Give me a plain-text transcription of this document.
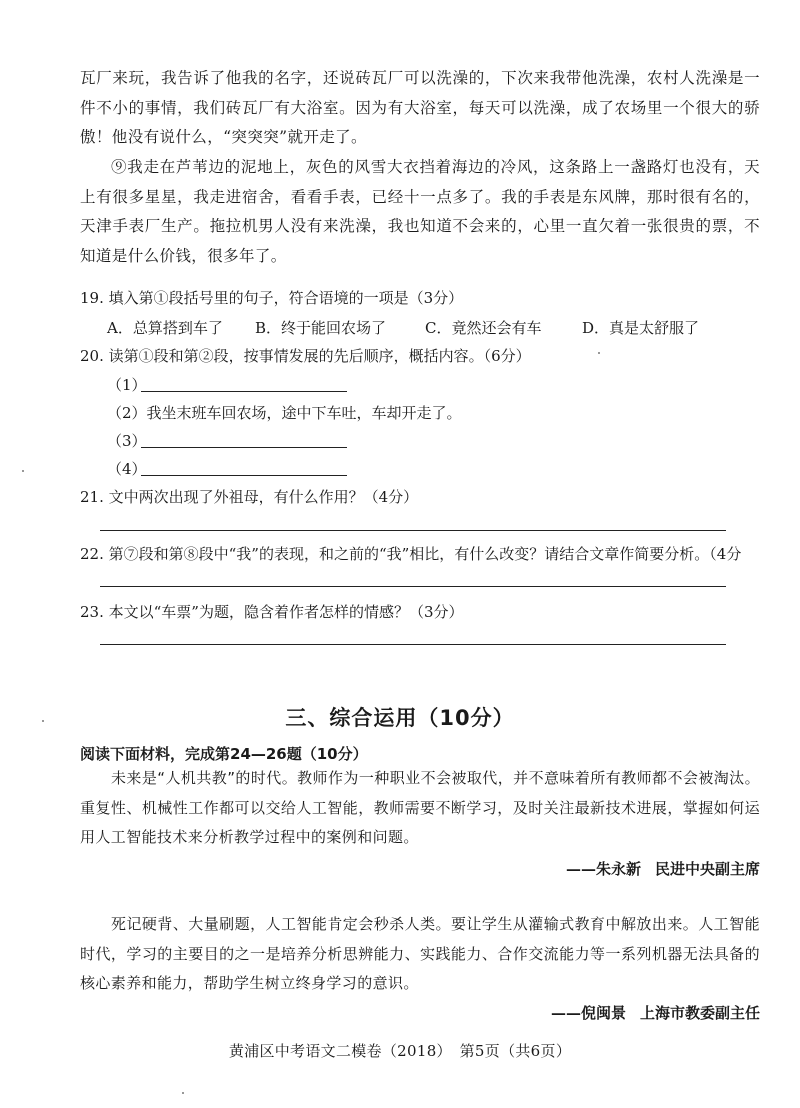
瓦厂来玩，我告诉了他我的名字，还说砖瓦厂可以洗澡的，下次来我带他洗澡，农村人洗澡是一件不小的事情，我们砖瓦厂有大浴室。因为有大浴室，每天可以洗澡，成了农场里一个很大的骄傲！他没有说什么，“突突突”就开走了。

⑨我走在芦苇边的泥地上，灰色的风雪大衣挡着海边的冷风，这条路上一盏路灯也没有，天上有很多星星，我走进宿舍，看看手表，已经十一点多了。我的手表是东风牌，那时很有名的，天津手表厂生产。拖拉机男人没有来洗澡，我也知道不会来的，心里一直欠着一张很贵的票，不知道是什么价钱，很多年了。

19. 填入第①段括号里的句子，符合语境的一项是（3分）

A．总算搭到车了 B．终于能回农场了	C．竟然还会有车	D．真是太舒服了

20. 读第①段和第②段，按事情发展的先后顺序，概括内容。（6分）

（1）
（2）我坐末班车回农场，途中下车吐，车却开走了。
（3）
（4）

21. 文中两次出现了外祖母，有什么作用？（4分）

22. 第⑦段和第⑧段中“我”的表现，和之前的“我”相比，有什么改变？请结合文章作简要分析。（4分

23. 本文以“车票”为题，隐含着作者怎样的情感？（3分）

三、综合运用（10分）
阅读下面材料，完成第24—26题（10分）

未来是“人机共教”的时代。教师作为一种职业不会被取代，并不意味着所有教师都不会被淘汰。重复性、机械性工作都可以交给人工智能，教师需要不断学习，及时关注最新技术进展，掌握如何运用人工智能技术来分析教学过程中的案例和问题。

——朱永新 民进中央副主席

死记硬背、大量刷题，人工智能肯定会秒杀人类。要让学生从灌输式教育中解放出来。人工智能时代，学习的主要目的之一是培养分析思辨能力、实践能力、合作交流能力等一系列机器无法具备的核心素养和能力，帮助学生树立终身学习的意识。

——倪闽景 上海市教委副主任
黄浦区中考语文二模卷（2018）　第5页（共6页）
